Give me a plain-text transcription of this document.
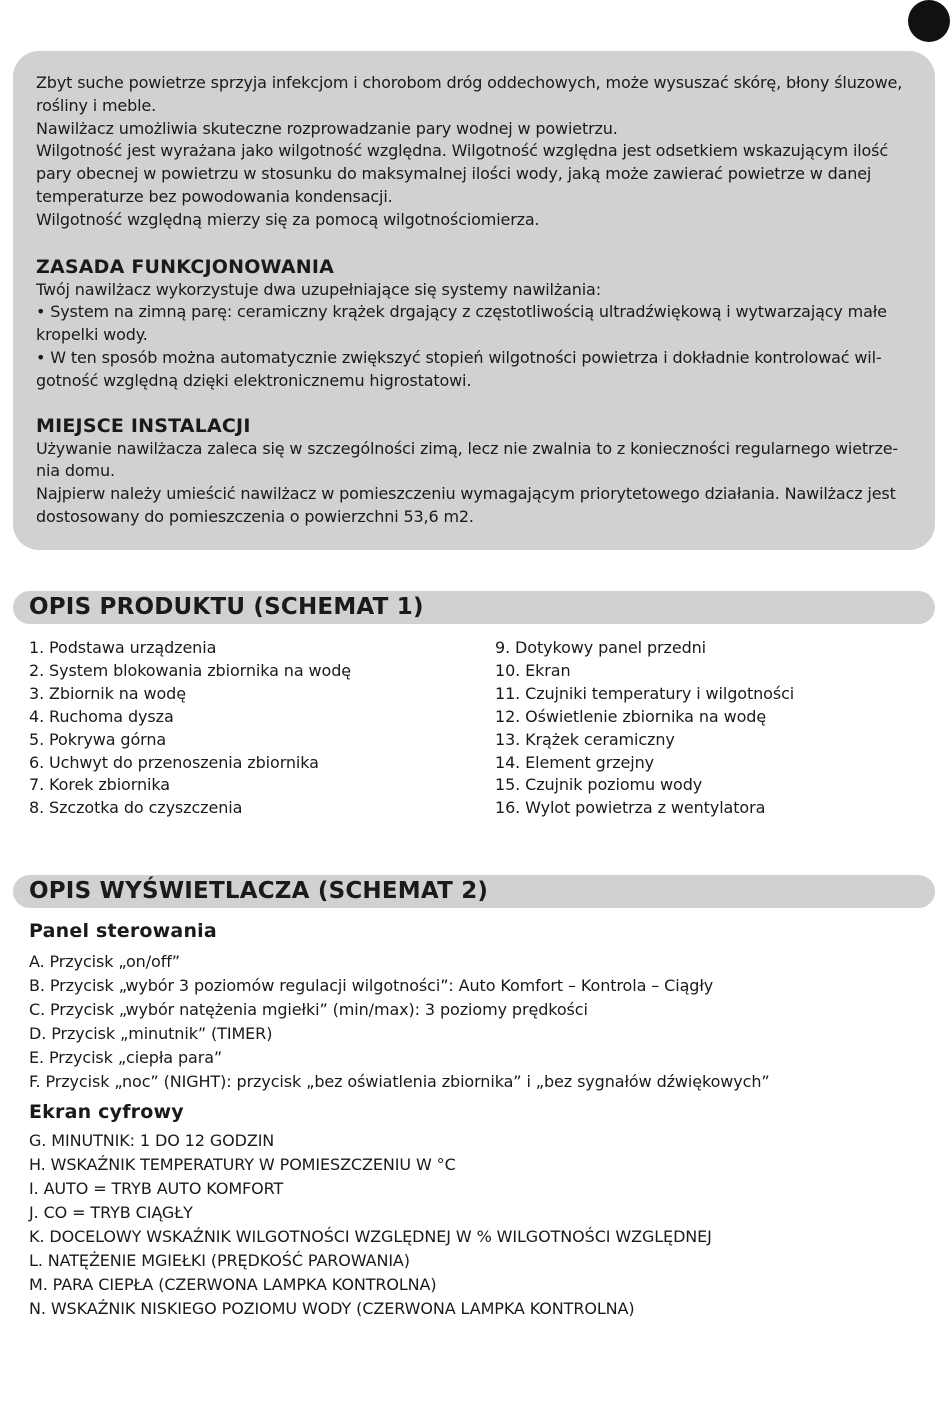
Zbyt suche powietrze sprzyja infekcjom i chorobom dróg oddechowych, może wysuszać skórę, błony śluzowe,

rośliny i meble.

Nawilżacz umożliwia skuteczne rozprowadzanie pary wodnej w powietrzu.

Wilgotność jest wyrażana jako wilgotność względna. Wilgotność względna jest odsetkiem wskazującym ilość

pary obecnej w powietrzu w stosunku do maksymalnej ilości wody, jaką może zawierać powietrze w danej

temperaturze bez powodowania kondensacji.

Wilgotność względną mierzy się za pomocą wilgotnościomierza.

ZASADA FUNKCJONOWANIA

Twój nawilżacz wykorzystuje dwa uzupełniające się systemy nawilżania:

• System na zimną parę: ceramiczny krążek drgający z częstotliwością ultradźwiękową i wytwarzający małe

kropelki wody.

• W ten sposób można automatycznie zwiększyć stopień wilgotności powietrza i dokładnie kontrolować wil-

gotność względną dzięki elektronicznemu higrostatowi.

MIEJSCE INSTALACJI

Używanie nawilżacza zaleca się w szczególności zimą, lecz nie zwalnia to z konieczności regularnego wietrze-

nia domu.

Najpierw należy umieścić nawilżacz w pomieszczeniu wymagającym priorytetowego działania. Nawilżacz jest

dostosowany do pomieszczenia o powierzchni 53,6 m2.

OPIS PRODUKTU (SCHEMAT 1)
1. Podstawa urządzenia
2. System blokowania zbiornika na wodę
3. Zbiornik na wodę
4. Ruchoma dysza
5. Pokrywa górna
6. Uchwyt do przenoszenia zbiornika
7. Korek zbiornika
8. Szczotka do czyszczenia
9. Dotykowy panel przedni
10. Ekran
11. Czujniki temperatury i wilgotności
12. Oświetlenie zbiornika na wodę
13. Krążek ceramiczny
14. Element grzejny
15. Czujnik poziomu wody
16. Wylot powietrza z wentylatora
OPIS WYŚWIETLACZA (SCHEMAT 2)
Panel sterowania
A. Przycisk „on/off”
B. Przycisk „wybór 3 poziomów regulacji wilgotności”: Auto Komfort – Kontrola – Ciągły
C. Przycisk „wybór natężenia mgiełki” (min/max): 3 poziomy prędkości
D. Przycisk „minutnik” (TIMER)
E. Przycisk „ciepła para”
F. Przycisk „noc” (NIGHT): przycisk „bez oświatlenia zbiornika” i „bez sygnałów dźwiękowych”
Ekran cyfrowy
G. MINUTNIK: 1 DO 12 GODZIN
H. WSKAŹNIK TEMPERATURY W POMIESZCZENIU W °C
I. AUTO = TRYB AUTO KOMFORT
J. CO = TRYB CIĄGŁY
K. DOCELOWY WSKAŹNIK WILGOTNOŚCI WZGLĘDNEJ W % WILGOTNOŚCI WZGLĘDNEJ
L. NATĘŻENIE MGIEŁKI (PRĘDKOŚĆ PAROWANIA)
M. PARA CIEPŁA (CZERWONA LAMPKA KONTROLNA)
N. WSKAŹNIK NISKIEGO POZIOMU WODY (CZERWONA LAMPKA KONTROLNA)
